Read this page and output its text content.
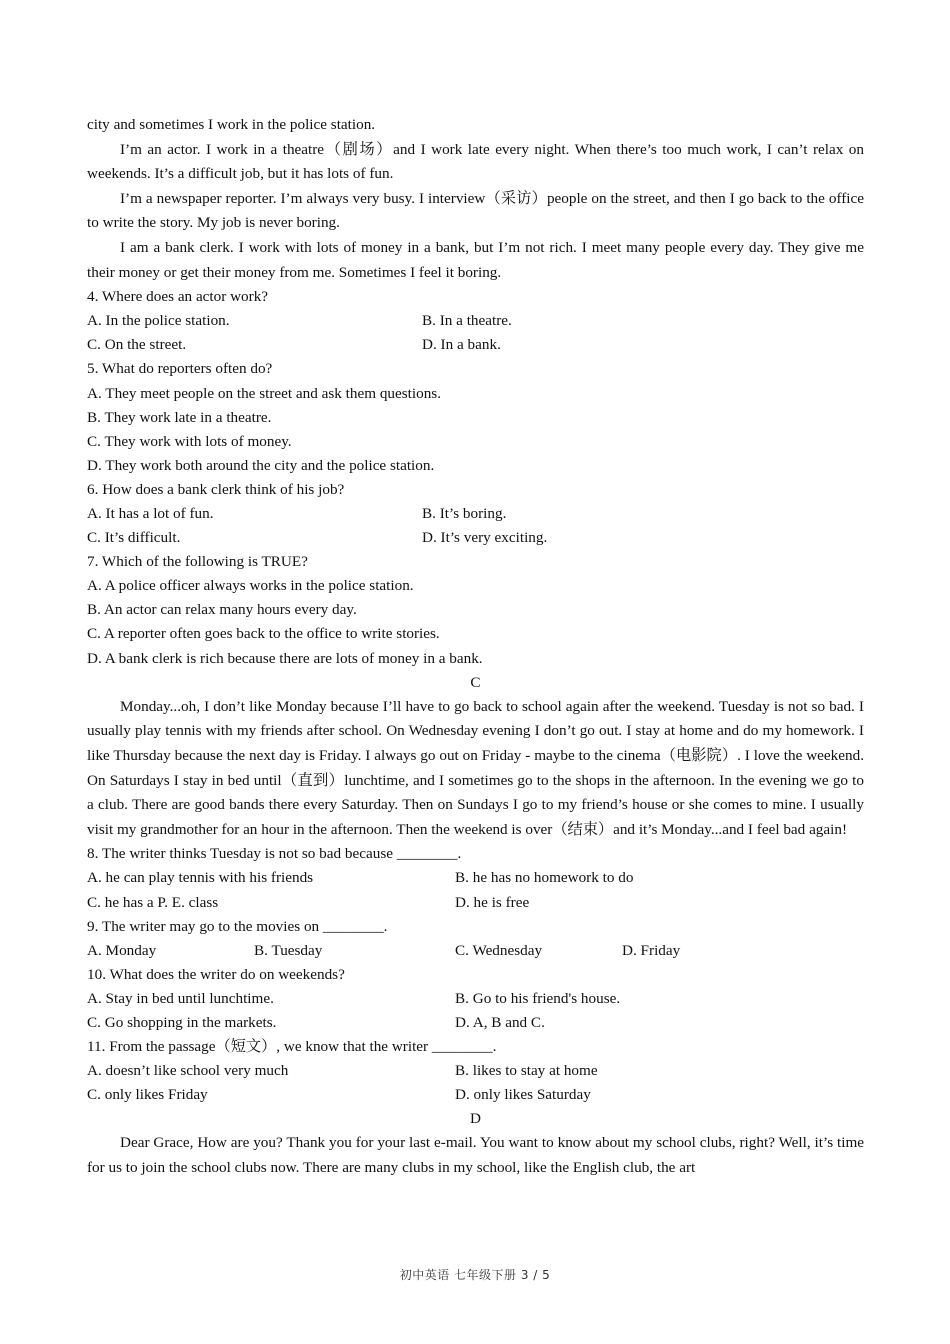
city and sometimes I work in the police station.

I’m an actor. I work in a theatre（剧场）and I work late every night. When there’s too much work, I can’t relax on weekends. It’s a difficult job, but it has lots of fun.

I’m a newspaper reporter. I’m always very busy. I interview（采访）people on the street, and then I go back to the office to write the story. My job is never boring.

I am a bank clerk. I work with lots of money in a bank, but I’m not rich. I meet many people every day. They give me their money or get their money from me. Sometimes I feel it boring.

4. Where does an actor work?
A. In the police station.	B. In a theatre.
C. On the street.	D. In a bank.
5. What do reporters often do?
A. They meet people on the street and ask them questions.
B. They work late in a theatre.
C. They work with lots of money.
D. They work both around the city and the police station.
6. How does a bank clerk think of his job?
A. It has a lot of fun.	B. It’s boring.
C. It’s difficult.	D. It’s very exciting.
7. Which of the following is TRUE?
A. A police officer always works in the police station.
B. An actor can relax many hours every day.
C. A reporter often goes back to the office to write stories.
D. A bank clerk is rich because there are lots of money in a bank.
C

Monday...oh, I don’t like Monday because I’ll have to go back to school again after the weekend. Tuesday is not so bad. I usually play tennis with my friends after school. On Wednesday evening I don’t go out. I stay at home and do my homework. I like Thursday because the next day is Friday. I always go out on Friday - maybe to the cinema（电影院）. I love the weekend. On Saturdays I stay in bed until（直到）lunchtime, and I sometimes go to the shops in the afternoon. In the evening we go to a club. There are good bands there every Saturday. Then on Sundays I go to my friend’s house or she comes to mine. I usually visit my grandmother for an hour in the afternoon. Then the weekend is over（结束）and it’s Monday...and I feel bad again!

8. The writer thinks Tuesday is not so bad because ________.
A. he can play tennis with his friends	B. he has no homework to do
C. he has a P. E. class	D. he is free
9. The writer may go to the movies on ________.
A. Monday	B. Tuesday	C. Wednesday	D. Friday
10. What does the writer do on weekends?
A. Stay in bed until lunchtime.	B. Go to his friend's house.
C. Go shopping in the markets.	D. A, B and C.
11. From the passage（短文）, we know that the writer ________.
A. doesn’t like school very much	B. likes to stay at home
C. only likes Friday	D. only likes Saturday
D

Dear Grace, How are you? Thank you for your last e-mail. You want to know about my school clubs, right? Well, it’s time for us to join the school clubs now. There are many clubs in my school, like the English club, the art

初中英语 七年级下册 3 / 5
